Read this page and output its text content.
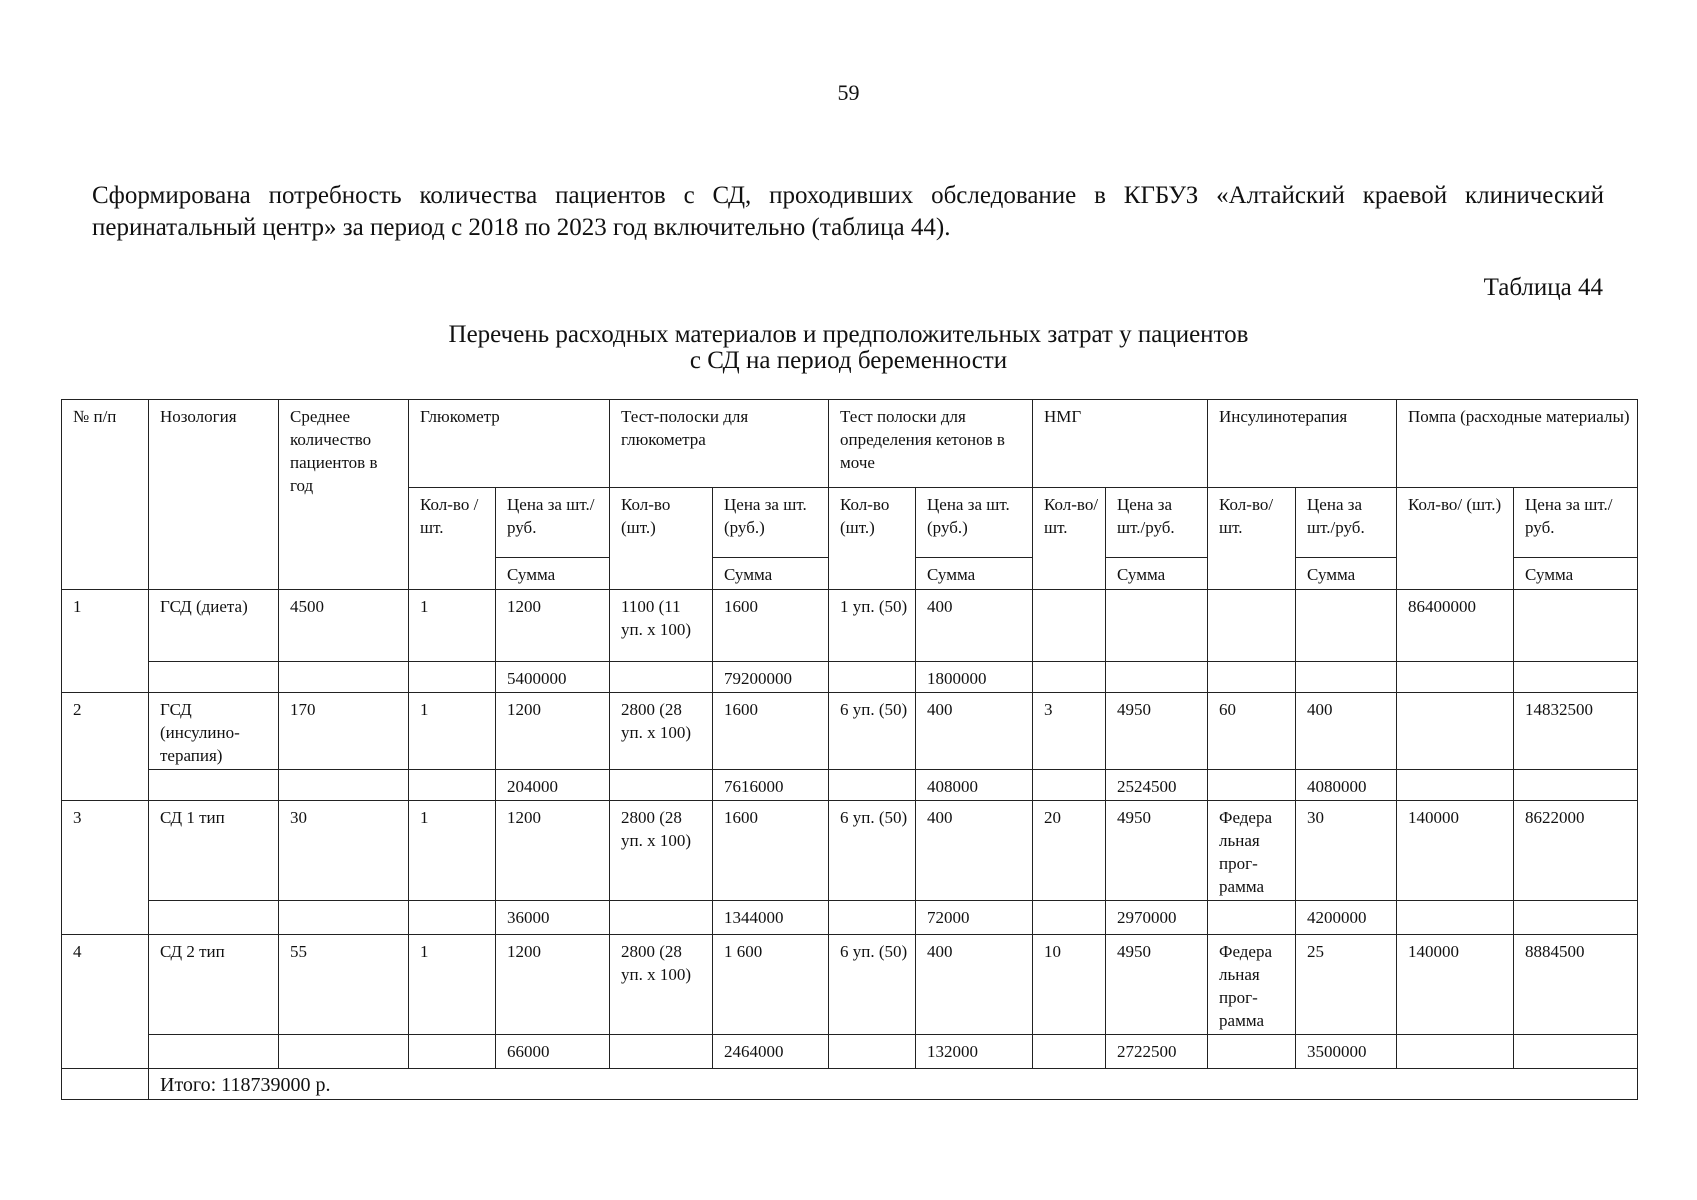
59

Сформирована потребность количества пациентов с СД, проходивших обследование в КГБУЗ «Алтайский краевой клинический перинатальный центр» за период с 2018 по 2023 год включительно (таблица 44).

Таблица 44
Перечень расходных материалов и предположительных затрат у пациентов
с СД на период беременности
№ п/п	Нозология	Среднее количество пациентов в год	Глюкометр		Тест-полоски для глюкометра		Тест полоски для определения кетонов в моче		НМГ		Инсулинотерапия		Помпа (расходные материалы)	
			Кол-во /шт.	Цена за шт./руб.	Кол-во (шт.)	Цена за шт. (руб.)	Кол-во (шт.)	Цена за шт. (руб.)	Кол-во/ шт.	Цена за шт./руб.	Кол-во/ шт.	Цена за шт./руб.	Кол-во/ (шт.)	Цена за шт./руб.
				Сумма		Сумма		Сумма		Сумма		Сумма		Сумма
1	ГСД (диета)	4500	1	1200	1100 (11 уп. х 100)	1600	1 уп. (50)	400					86400000	
				5400000		79200000		1800000						
2	ГСД (инсулино-терапия)	170	1	1200	2800 (28 уп. х 100)	1600	6 уп. (50)	400	3	4950	60	400		14832500
				204000		7616000		408000		2524500		4080000		
3	СД 1 тип	30	1	1200	2800 (28 уп. х 100)	1600	6 уп. (50)	400	20	4950	Федера льная прог-рамма	30	140000	8622000
				36000		1344000		72000		2970000		4200000		
4	СД 2 тип	55	1	1200	2800 (28 уп. х 100)	1 600	6 уп. (50)	400	10	4950	Федера льная прог-рамма	25	140000	8884500
				66000		2464000		132000		2722500		3500000		
	Итого: 118739000 р.													
